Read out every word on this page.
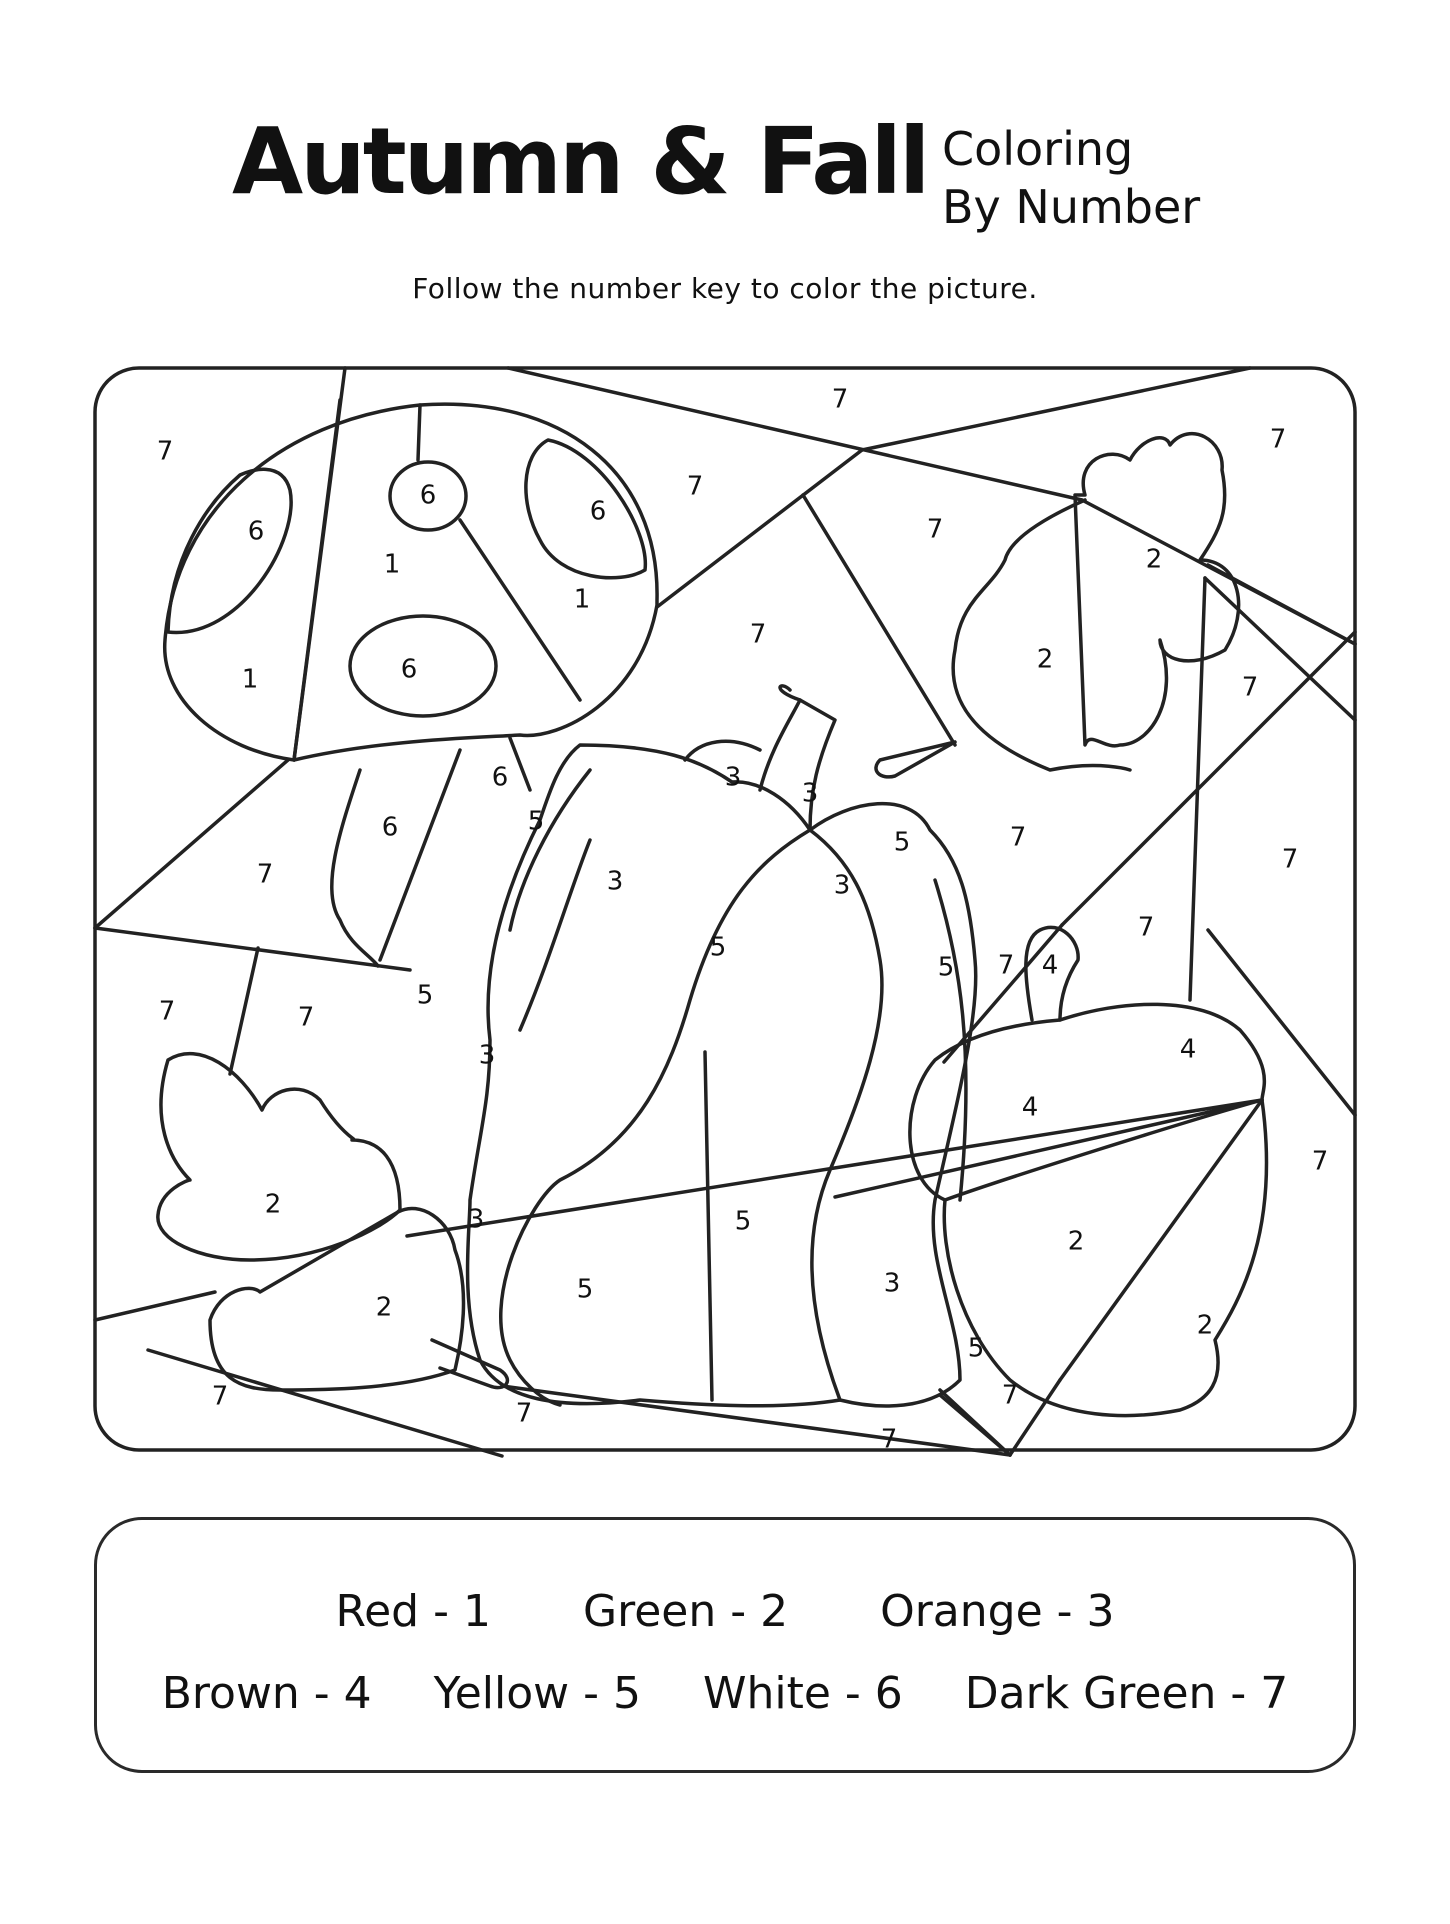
Autumn & Fall Coloring
By Number
Follow the number key to color the picture.
7
7
7
7
6
6
6
6
1
1
1
2
2
7
7
7
7
6
6	5
3
3
7
3	3
5
5
7
4
7
7
7	7
5
3
5
4
4
7
2	3	5
3
2
5
2
5
7
7
7
7
2
Red - 1 Green - 2 Orange - 3
Brown - 4 Yellow - 5 White - 6 Dark Green - 7
